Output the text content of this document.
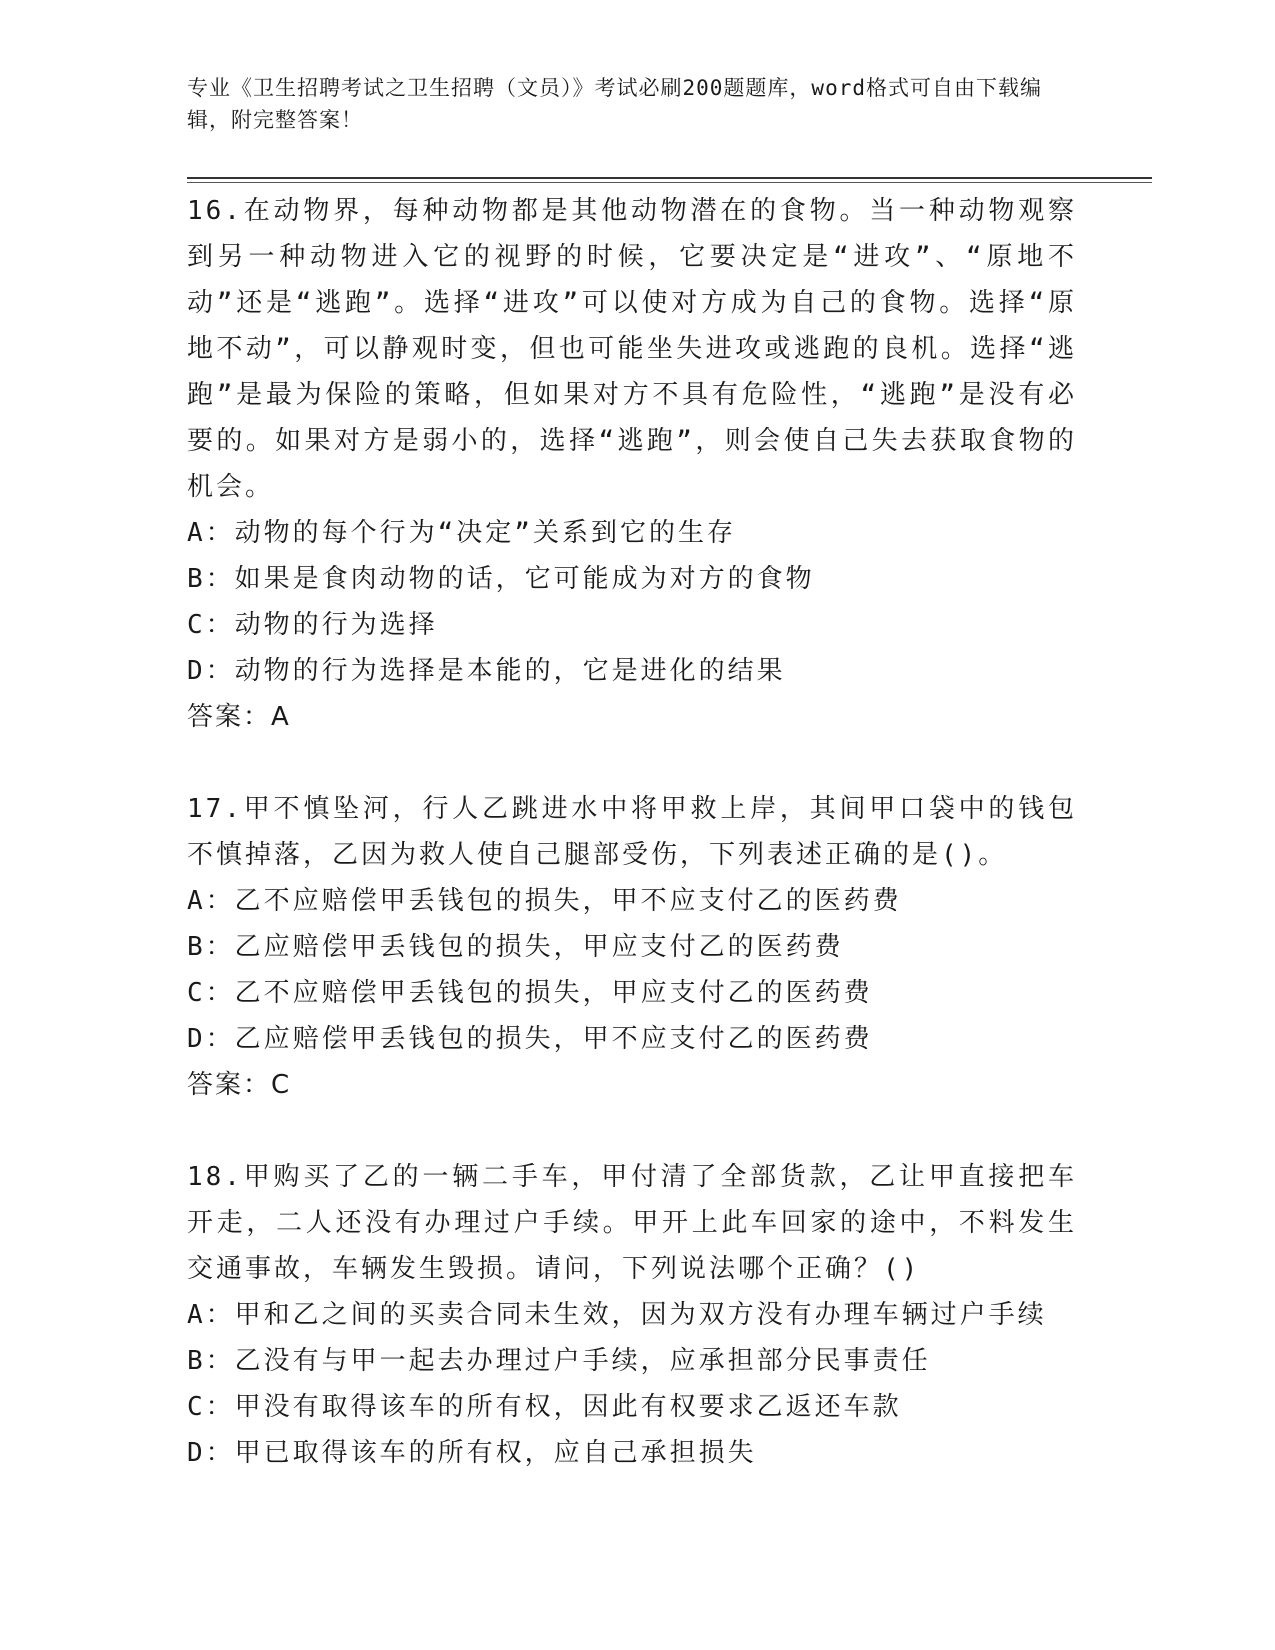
专业《卫生招聘考试之卫生招聘（文员）》考试必刷200题题库，word格式可自由下载编辑，附完整答案！

16.在动物界，每种动物都是其他动物潜在的食物。当一种动物观察到另一种动物进入它的视野的时候，它要决定是“进攻”、“原地不动”还是“逃跑”。选择“进攻”可以使对方成为自己的食物。选择“原地不动”，可以静观时变，但也可能坐失进攻或逃跑的良机。选择“逃跑”是最为保险的策略，但如果对方不具有危险性，“逃跑”是没有必要的。如果对方是弱小的，选择“逃跑”，则会使自己失去获取食物的机会。

A：动物的每个行为“决定”关系到它的生存

B：如果是食肉动物的话，它可能成为对方的食物

C：动物的行为选择

D：动物的行为选择是本能的，它是进化的结果

答案：A

17.甲不慎坠河，行人乙跳进水中将甲救上岸，其间甲口袋中的钱包不慎掉落，乙因为救人使自己腿部受伤，下列表述正确的是()。

A：乙不应赔偿甲丢钱包的损失，甲不应支付乙的医药费

B：乙应赔偿甲丢钱包的损失，甲应支付乙的医药费

C：乙不应赔偿甲丢钱包的损失，甲应支付乙的医药费

D：乙应赔偿甲丢钱包的损失，甲不应支付乙的医药费

答案：C

18.甲购买了乙的一辆二手车，甲付清了全部货款，乙让甲直接把车开走，二人还没有办理过户手续。甲开上此车回家的途中，不料发生交通事故，车辆发生毁损。请问，下列说法哪个正确？()

A：甲和乙之间的买卖合同未生效，因为双方没有办理车辆过户手续

B：乙没有与甲一起去办理过户手续，应承担部分民事责任

C：甲没有取得该车的所有权，因此有权要求乙返还车款

D：甲已取得该车的所有权，应自己承担损失
